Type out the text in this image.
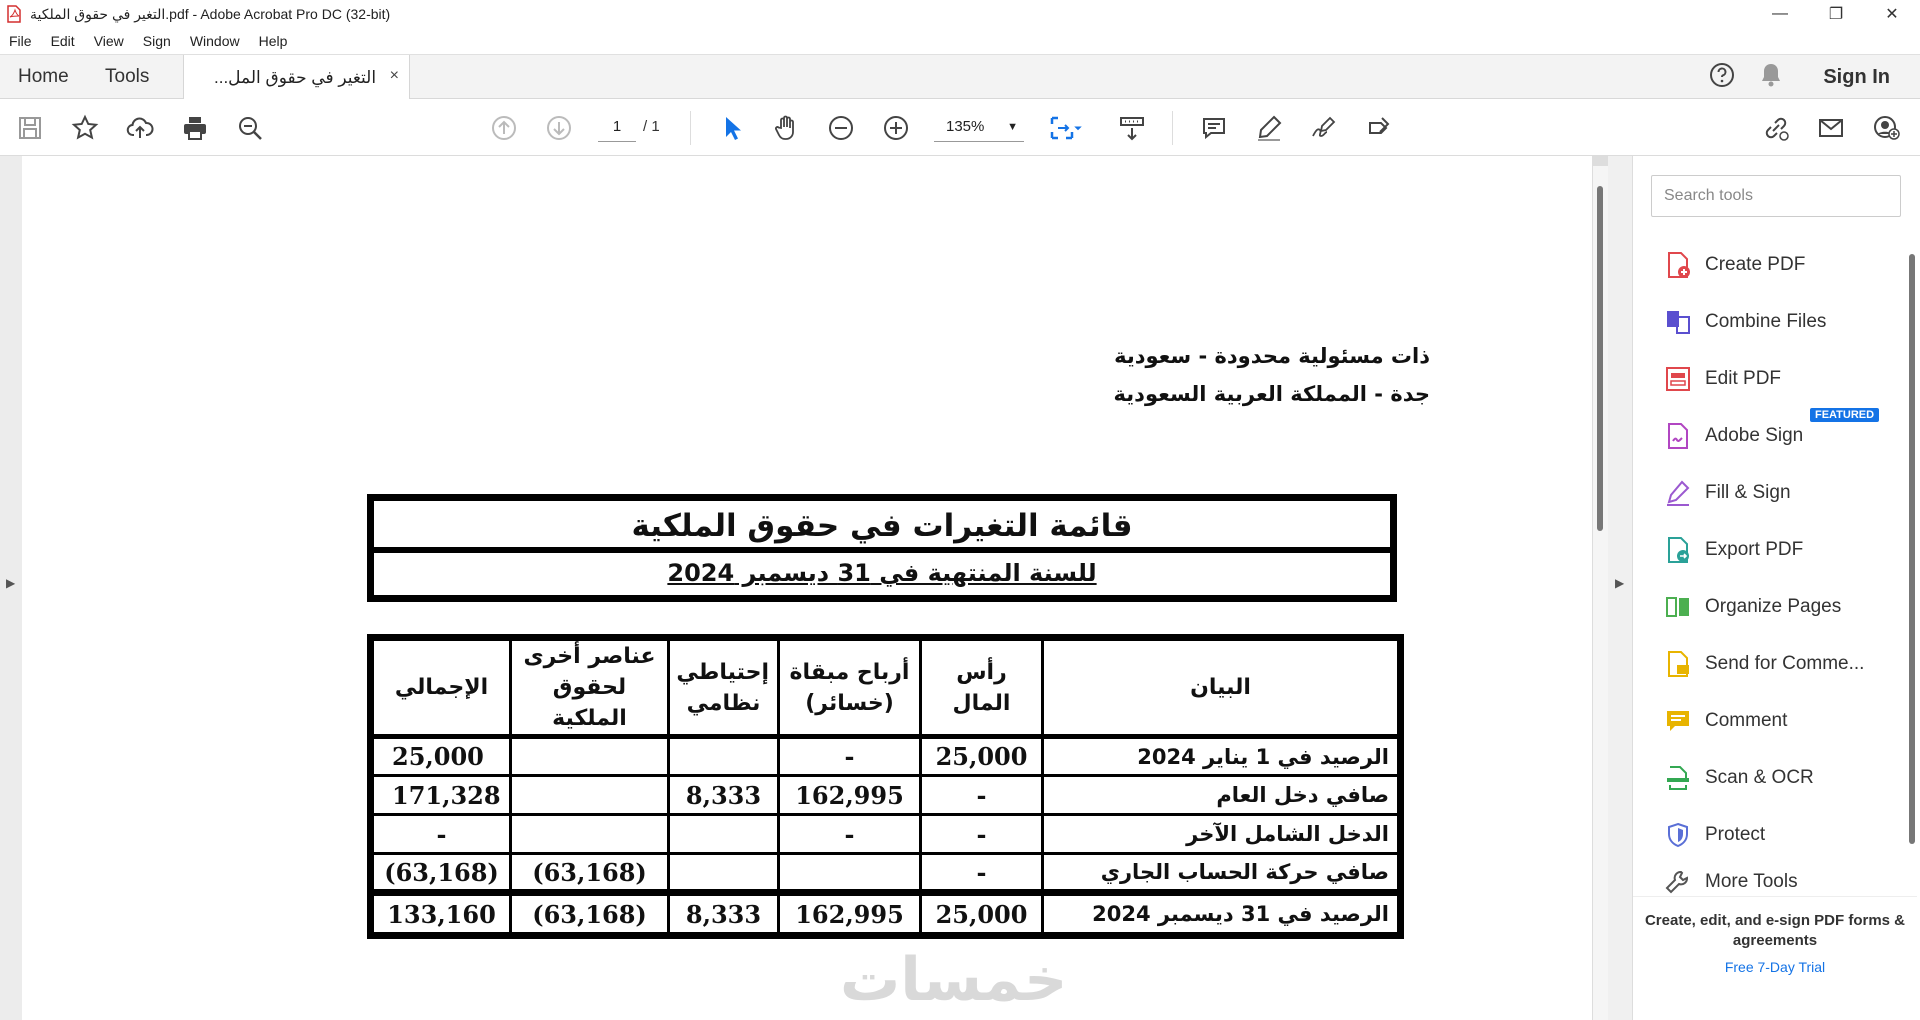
التغير في حقوق الملكية.pdf - Adobe Acrobat Pro DC (32-bit)	—	❐	✕
File Edit View Sign Window Help
Home Tools	التغير في حقوق المل... ×	Sign In
1
/ 1	135% ▼
▶
ذات مسئولية محدودة - سعودية
جدة - المملكة العربية السعودية
قائمة التغيرات في حقوق الملكية
للسنة المنتهية في 31 ديسمبر 2024
الإجمالي	عناصر أخرى لحقوق الملكية	إحتياطي نظامي	أرباح مبقاة (خسائر)	رأس المال	البيان
25,000			-	25,000	الرصيد في 1 يناير 2024
171,328		8,333	162,995	-	صافي دخل العام
-			-	-	الدخل الشامل الآخر
(63,168)	(63,168)			-	صافي حركة الحساب الجاري
133,160	(63,168)	8,333	162,995	25,000	الرصيد في 31 ديسمبر 2024
خمسات
▶
Search tools
Create PDF
Combine Files
Edit PDF
Adobe Sign
Fill & Sign
Export PDF
Organize Pages
Send for Comme...
Comment
Scan & OCR
Protect
More Tools
FEATURED
Create, edit, and e-sign PDF forms & agreements
Free 7-Day Trial
